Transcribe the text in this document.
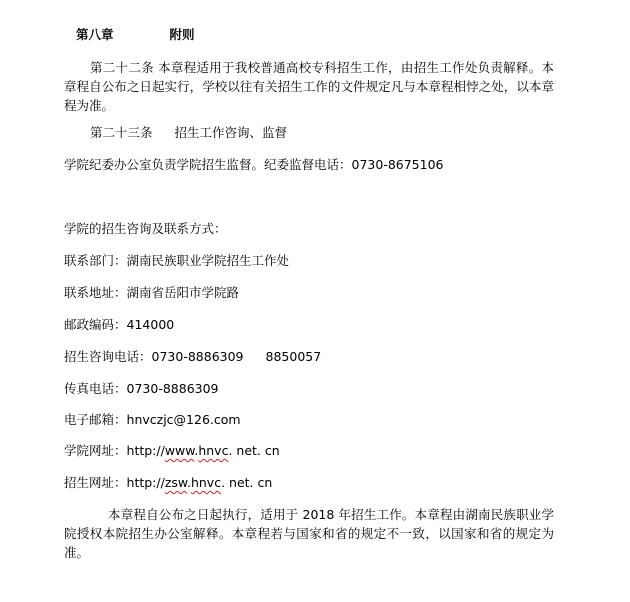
第八章	附则
第二十二条 本章程适用于我校普通高校专科招生工作，由招生工作处负责解释。本章程自公布之日起实行，学校以往有关招生工作的文件规定凡与本章程相悖之处，以本章程为准。
第二十三条 招生工作咨询、监督
学院纪委办公室负责学院招生监督。纪委监督电话：0730-8675106
学院的招生咨询及联系方式：
联系部门：湖南民族职业学院招生工作处
联系地址：湖南省岳阳市学院路
邮政编码：414000
招生咨询电话：0730-8886309 8850057
传真电话：0730-8886309
电子邮箱：hnvczjc@126.com
学院网址：http://www.hnvc. net. cn
招生网址：http://zsw.hnvc. net. cn
本章程自公布之日起执行，适用于 2018 年招生工作。本章程由湖南民族职业学院授权本院招生办公室解释。本章程若与国家和省的规定不一致，以国家和省的规定为准。
